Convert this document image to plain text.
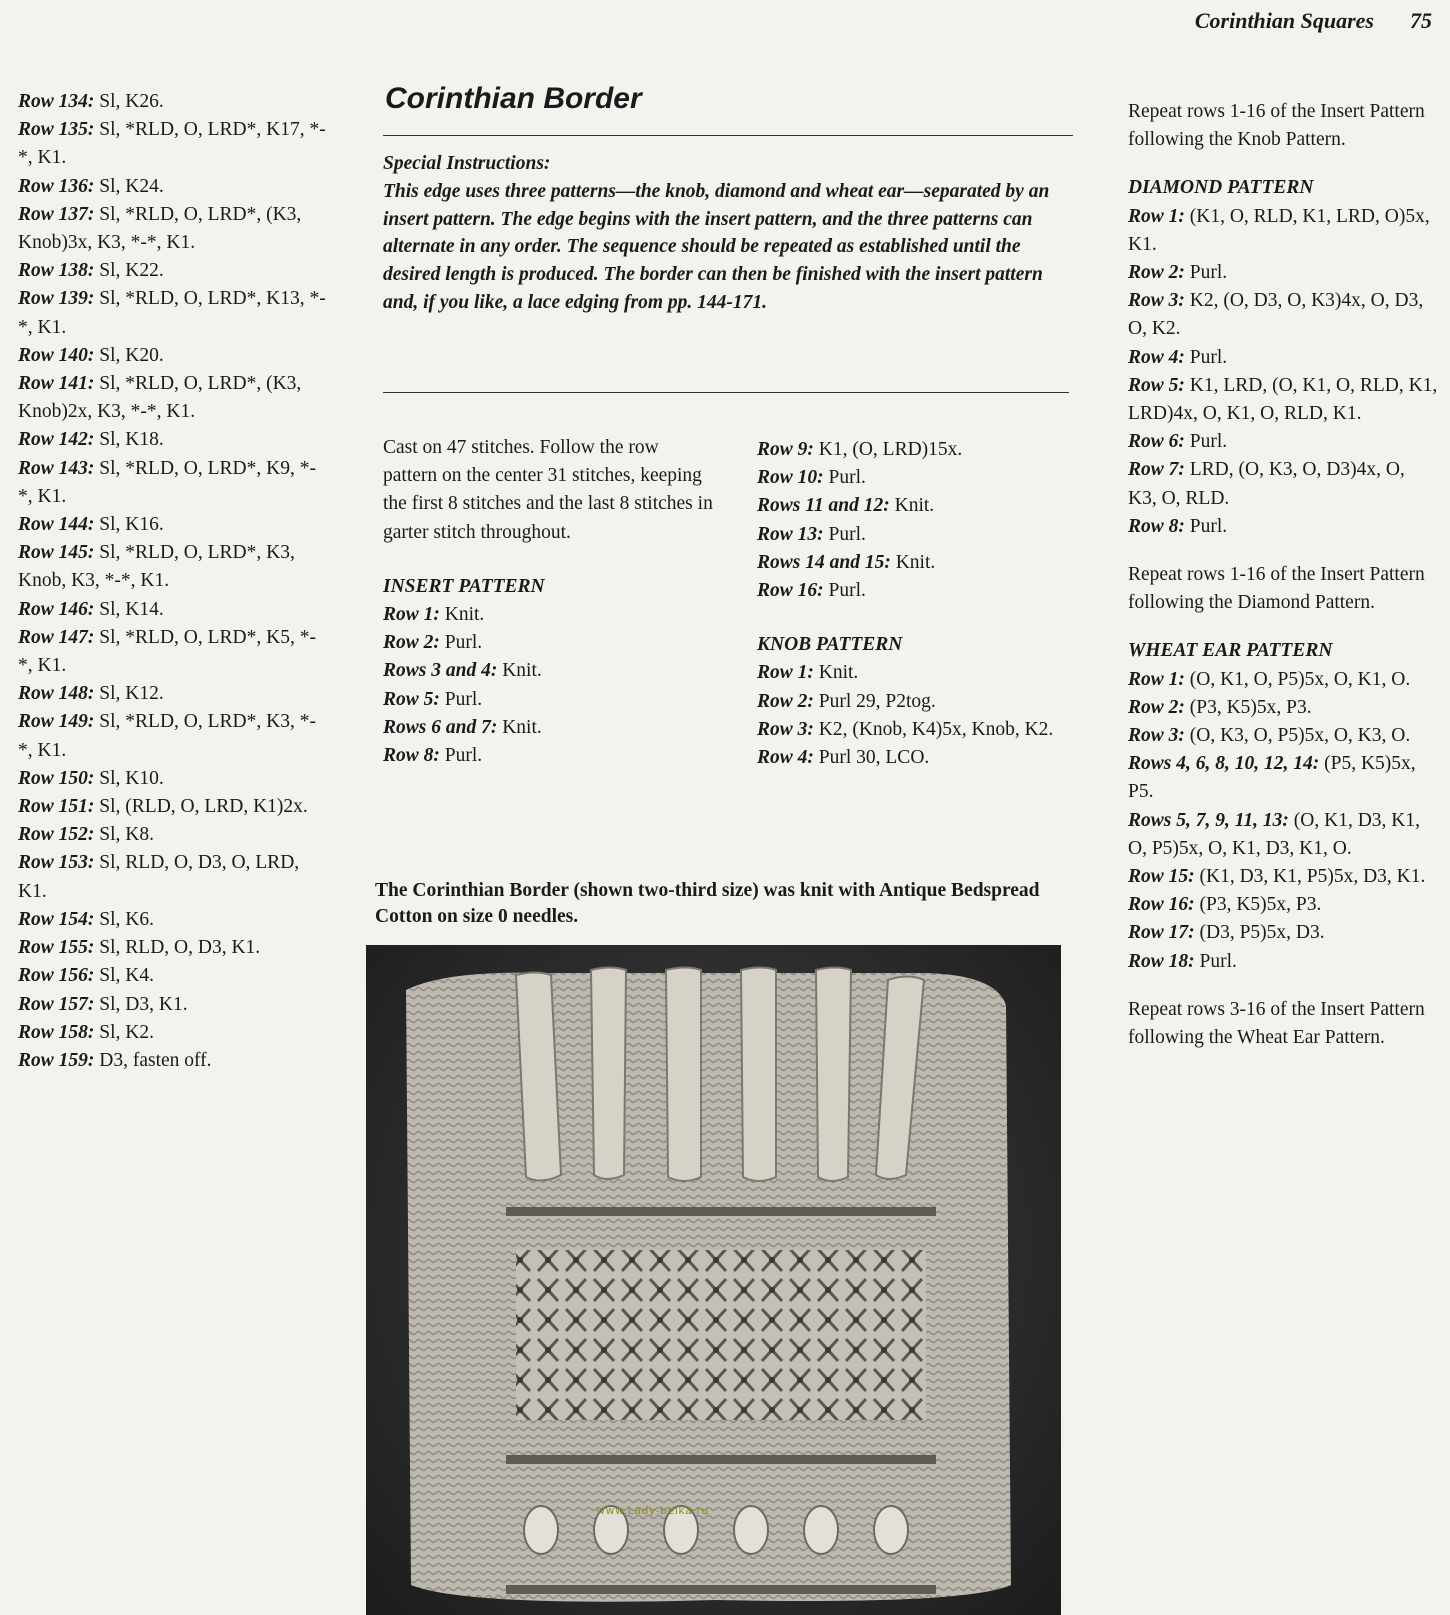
Corinthian Squares 75

Row 134: Sl, K26.

Row 135: Sl, *RLD, O, LRD*, K17, *-*, K1.

Row 136: Sl, K24.

Row 137: Sl, *RLD, O, LRD*, (K3, Knob)3x, K3, *-*, K1.

Row 138: Sl, K22.

Row 139: Sl, *RLD, O, LRD*, K13, *-*, K1.

Row 140: Sl, K20.

Row 141: Sl, *RLD, O, LRD*, (K3, Knob)2x, K3, *-*, K1.

Row 142: Sl, K18.

Row 143: Sl, *RLD, O, LRD*, K9, *-*, K1.

Row 144: Sl, K16.

Row 145: Sl, *RLD, O, LRD*, K3, Knob, K3, *-*, K1.

Row 146: Sl, K14.

Row 147: Sl, *RLD, O, LRD*, K5, *-*, K1.

Row 148: Sl, K12.

Row 149: Sl, *RLD, O, LRD*, K3, *-*, K1.

Row 150: Sl, K10.

Row 151: Sl, (RLD, O, LRD, K1)2x.

Row 152: Sl, K8.

Row 153: Sl, RLD, O, D3, O, LRD, K1.

Row 154: Sl, K6.

Row 155: Sl, RLD, O, D3, K1.

Row 156: Sl, K4.

Row 157: Sl, D3, K1.

Row 158: Sl, K2.

Row 159: D3, fasten off.

Corinthian Border

Special Instructions:

This edge uses three patterns—the knob, diamond and wheat ear—separated by an insert pattern. The edge begins with the insert pattern, and the three patterns can alternate in any order. The sequence should be repeated as established until the desired length is produced. The border can then be finished with the insert pattern and, if you like, a lace edging from pp. 144-171.

Cast on 47 stitches. Follow the row pattern on the center 31 stitches, keeping the first 8 stitches and the last 8 stitches in garter stitch throughout.

INSERT PATTERN

Row 1: Knit.

Row 2: Purl.

Rows 3 and 4: Knit.

Row 5: Purl.

Rows 6 and 7: Knit.

Row 8: Purl.

Row 9: K1, (O, LRD)15x.

Row 10: Purl.

Rows 11 and 12: Knit.

Row 13: Purl.

Rows 14 and 15: Knit.

Row 16: Purl.

KNOB PATTERN

Row 1: Knit.

Row 2: Purl 29, P2tog.

Row 3: K2, (Knob, K4)5x, Knob, K2.

Row 4: Purl 30, LCO.

Repeat rows 1-16 of the Insert Pattern following the Knob Pattern.

DIAMOND PATTERN

Row 1: (K1, O, RLD, K1, LRD, O)5x, K1.

Row 2: Purl.

Row 3: K2, (O, D3, O, K3)4x, O, D3, O, K2.

Row 4: Purl.

Row 5: K1, LRD, (O, K1, O, RLD, K1, LRD)4x, O, K1, O, RLD, K1.

Row 6: Purl.

Row 7: LRD, (O, K3, O, D3)4x, O, K3, O, RLD.

Row 8: Purl.

Repeat rows 1-16 of the Insert Pattern following the Diamond Pattern.

WHEAT EAR PATTERN

Row 1: (O, K1, O, P5)5x, O, K1, O.

Row 2: (P3, K5)5x, P3.

Row 3: (O, K3, O, P5)5x, O, K3, O.

Rows 4, 6, 8, 10, 12, 14: (P5, K5)5x, P5.

Rows 5, 7, 9, 11, 13: (O, K1, D3, K1, O, P5)5x, O, K1, D3, K1, O.

Row 15: (K1, D3, K1, P5)5x, D3, K1.

Row 16: (P3, K5)5x, P3.

Row 17: (D3, P5)5x, D3.

Row 18: Purl.

Repeat rows 3-16 of the Insert Pattern following the Wheat Ear Pattern.

The Corinthian Border (shown two-third size) was knit with Antique Bedspread Cotton on size 0 needles.

www.Lady-belka.ru
